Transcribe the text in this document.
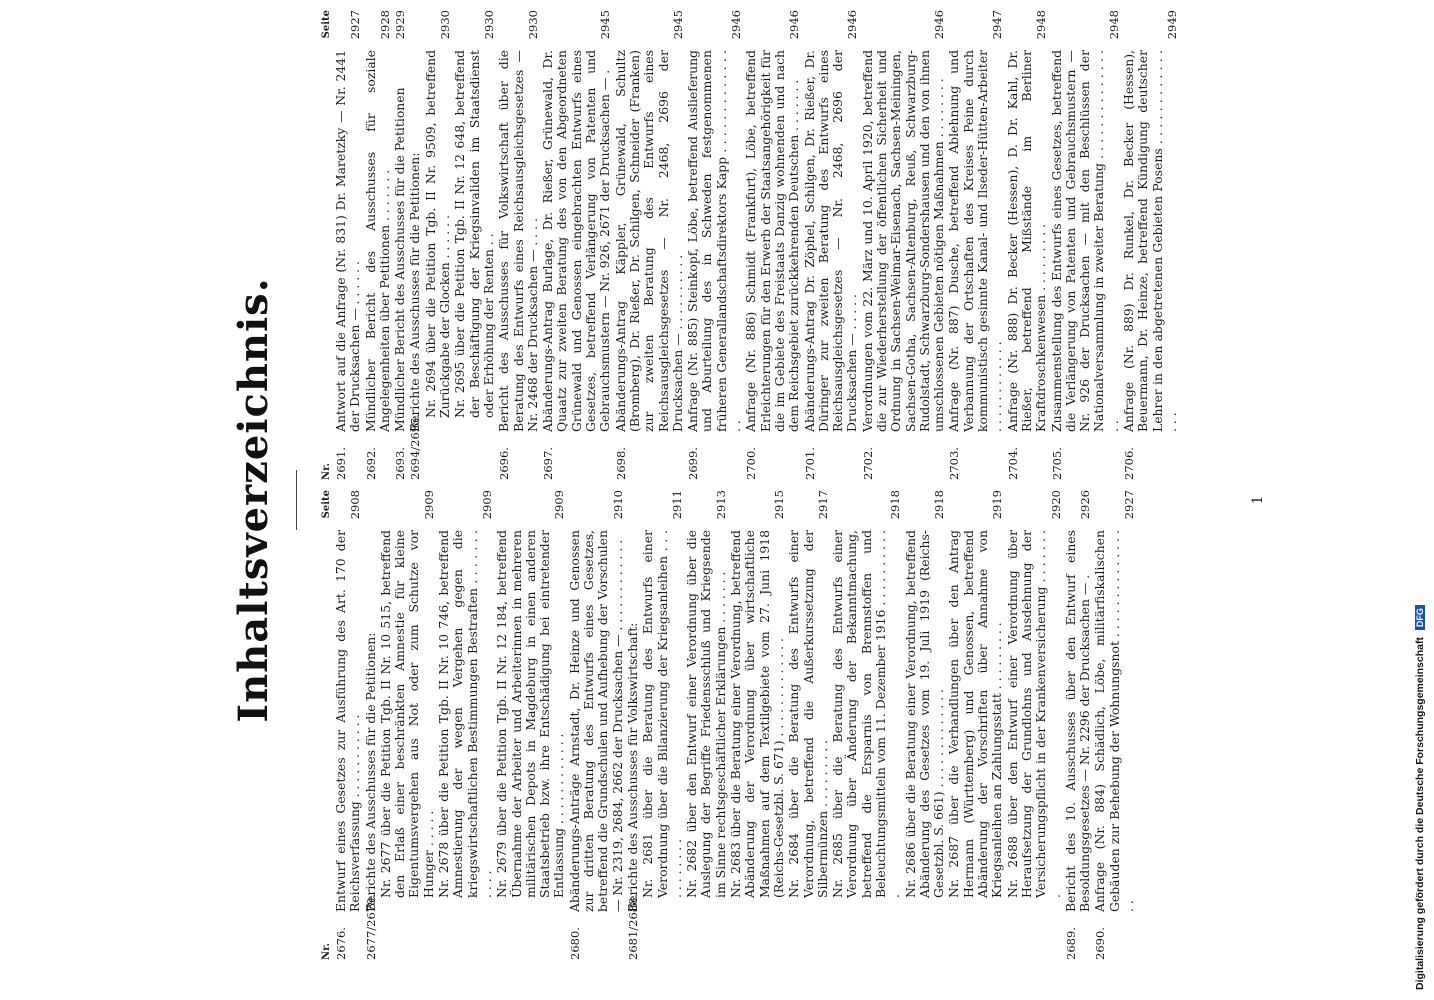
Inhaltsverzeichnis.
Nr.
Seite
2676.
Entwurf eines Gesetzes zur Ausführung des Art. 170 der Reichsverfassung . . . . . . . . . . .
2908
2677/2679.
Berichte des Ausschusses für die Petitionen: Nr. 2677 über die Petition Tgb. II Nr. 10 515, betreffend den Erlaß einer beschränkten Amnestie für kleine Eigentumsvergehen aus Not oder zum Schutze vor Hunger . . . . .
2909
Nr. 2678 über die Petition Tgb. II Nr. 10 746, betreffend Amnestierung der wegen Vergehen gegen die kriegswirtschaftlichen Bestimmungen Bestraften . . . . . . . . . . .
2909
Nr. 2679 über die Petition Tgb. II Nr. 12 184, betreffend Übernahme der Arbeiter und Arbeiterinnen in mehreren militärischen Depots in Magdeburg in einen anderen Staatsbetrieb bzw. ihre Entschädigung bei eintretender Entlassung . . . . . . . . . . . .
2909
2680.
Abänderungs-Anträge Arnstadt, Dr. Heinze und Genossen zur dritten Beratung des Entwurfs eines Gesetzes, betreffend die Grundschulen und Aufhebung der Vorschulen — Nr. 2319, 2684, 2662 der Drucksachen — . . . . . . . . . . . .
2910
2681/2688.
Berichte des Ausschusses für Volkswirtschaft: Nr. 2681 über die Beratung des Entwurfs einer Verordnung über die Bilanzierung der Kriegsanleihen . . . . . . . . . . .
2911
Nr. 2682 über den Entwurf einer Verordnung über die Auslegung der Begriffe Friedensschluß und Kriegsende im Sinne rechtsgeschäftlicher Erklärungen . . . . . . .
2913
Nr. 2683 über die Beratung einer Verordnung, betreffend Abänderung der Verordnung über wirtschaftliche Maßnahmen auf dem Textilgebiete vom 27. Juni 1918 (Reichs-Gesetzbl. S. 671) . . . . . . . . . . . . .
2915
Nr. 2684 über die Beratung des Entwurfs einer Verordnung, betreffend die Außerkurssetzung der Silbermünzen . . . . . . . . .
2917
Nr. 2685 über die Beratung des Entwurfs einer Verordnung über Änderung der Bekanntmachung, betreffend die Ersparnis von Brennstoffen und Beleuchtungsmitteln vom 11. Dezember 1916 . . . . . . . . . . .
2918
Nr. 2686 über die Beratung einer Verordnung, betreffend Abänderung des Gesetzes vom 19. Juli 1919 (Reichs-Gesetzbl. S. 661) . . . . . . . . . . . . .
2918
Nr. 2687 über die Verhandlungen über den Antrag Hermann (Württemberg) und Genossen, betreffend Abänderung der Vorschriften über Annahme von Kriegsanleihen an Zahlungsstatt . . . . . . . . .
2919
Nr. 2688 über den Entwurf einer Verordnung über Heraufsetzung der Grundlohns und Ausdehnung der Versicherungspflicht in der Krankenversicherung . . . . . . . .
2920
2689.
Bericht des 10. Ausschusses über den Entwurf eines Besoldungsgesetzes — Nr. 2296 der Drucksachen — .
2926
2690.
Anfrage (Nr. 884) Schädlich, Löbe, militärfiskalischen Gebäuden zur Behebung der Wohnungsnot . . . . . . . . . . . . . . . .
2927
Nr.
Seite
2691.
Antwort auf die Anfrage (Nr. 831) Dr. Maretzky — Nr. 2441 der Drucksachen — . . . . . .
2927
2692.
Mündlicher Bericht des Ausschusses für soziale Angelegenheiten über Petitionen . . . . . . .
2928
2693.
Mündlicher Bericht des Ausschusses für die Petitionen
2929
2694/2695.
Berichte des Ausschusses für die Petitionen: Nr. 2694 über die Petition Tgb. II Nr. 9509, betreffend Zurückgabe der Glocken . . . . . .
2930
Nr. 2695 über die Petition Tgb. II Nr. 12 648, betreffend der Beschäftigung der Kriegsinvaliden im Staatsdienst oder Erhöhung der Renten . .
2930
2696.
Bericht des Ausschusses für Volkswirtschaft über die Beratung des Entwurfs eines Reichsausgleichsgesetzes — Nr. 2468 der Drucksachen — . . . .
2930
2697.
Abänderungs-Antrag Burlage, Dr. Rießer, Grünewald, Dr. Quaatz zur zweiten Beratung des von den Abgeordneten Grünewald und Genossen eingebrachten Entwurfs eines Gesetzes, betreffend Verlängerung von Patenten und Gebrauchsmustern — Nr. 926, 2671 der Drucksachen — .
2945
2698.
Abänderungs-Antrag Käppler, Grünewald, Schultz (Bromberg), Dr. Rießer, Dr. Schilgen, Schneider (Franken) zur zweiten Beratung des Entwurfs eines Reichsausgleichsgesetzes — Nr. 2468, 2696 der Drucksachen — . . . . . . . . . .
2945
2699.
Anfrage (Nr. 885) Steinkopf, Löbe, betreffend Auslieferung und Aburteilung des in Schweden festgenommenen früheren Generallandschaftsdirektors Kapp . . . . . . . . . . . . . . .
2946
2700.
Anfrage (Nr. 886) Schmidt (Frankfurt), Löbe, betreffend Erleichterungen für den Erwerb der Staatsangehörigkeit für die im Gebiete des Freistaats Danzig wohnenden und nach dem Reichsgebiet zurückkehrenden Deutschen . . . . . . .
2946
2701.
Abänderungs-Antrag Dr. Zöphel, Schilgen, Dr. Rießer, Dr. Düringer zur zweiten Beratung des Entwurfs eines Reichsausgleichsgesetzes — Nr. 2468, 2696 der Drucksachen — . . . . .
2946
2702.
Verordnungen vom 22. März und 10. April 1920, betreffend die zur Wiederherstellung der öffentlichen Sicherheit und Ordnung in Sachsen-Weimar-Eisenach, Sachsen-Meiningen, Sachsen-Gotha, Sachsen-Altenburg, Reuß, Schwarzburg-Rudolstadt, Schwarzburg-Sondershausen und den von ihnen umschlossenen Gebieten nötigen Maßnahmen . . . . . . . .
2946
2703.
Anfrage (Nr. 887) Dusche, betreffend Ablehnung und Verbannung der Ortschaften des Kreises Peine durch kommunistisch gesinnte Kanal- und Ilseder-Hütten-Arbeiter . . . . . . . . . . . .
2947
2704.
Anfrage (Nr. 888) Dr. Becker (Hessen), D. Dr. Kahl, Dr. Rießer, betreffend Mißstände im Berliner Kraftdroschkenwesen . . . . . . . . .
2948
2705.
Zusammenstellung des Entwurfs eines Gesetzes, betreffend die Verlängerung von Patenten und Gebrauchsmustern — Nr. 926 der Drucksachen — mit den Beschlüssen der Nationalversammlung in zweiter Beratung . . . . . . . . . . . . . . . .
2948
2706.
Anfrage (Nr. 889) Dr. Runkel, Dr. Becker (Hessen), Beuermann, Dr. Heinze, betreffend Kündigung deutscher Lehrer in den abgetretenen Gebieten Posens . . . . . . . . . . . . . . .
2949
1
Digitalisierung gefördert durch die Deutsche Forschungsgemeinschaft DFG
